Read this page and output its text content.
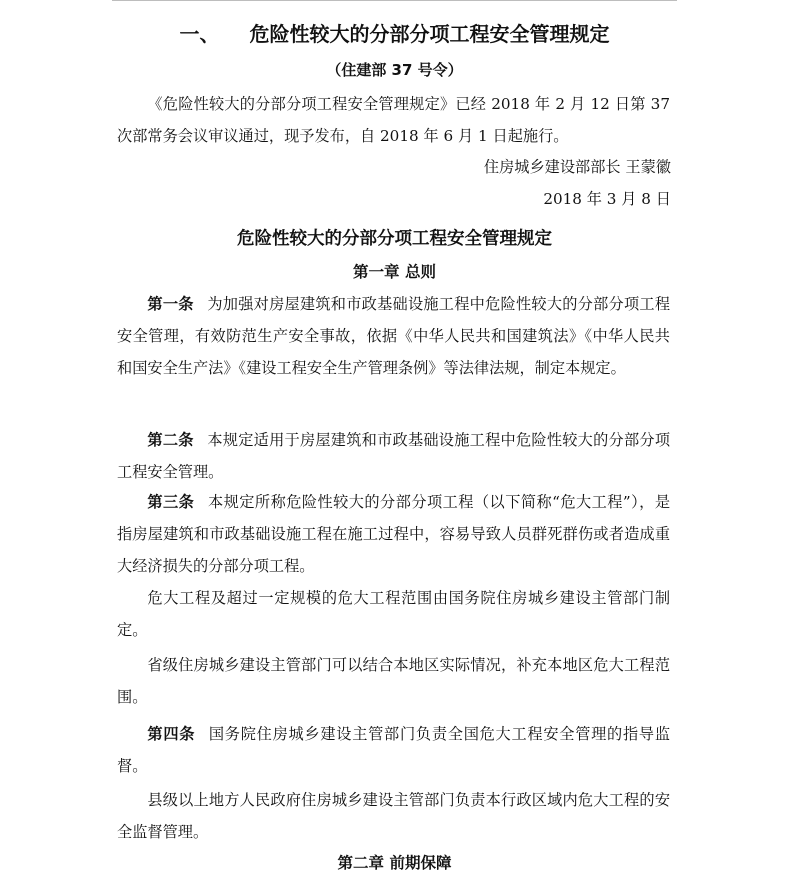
一、 危险性较大的分部分项工程安全管理规定
（住建部 37 号令）

《危险性较大的分部分项工程安全管理规定》已经 2018 年 2 月 12 日第 37 次部常务会议审议通过，现予发布，自 2018 年 6 月 1 日起施行。

住房城乡建设部部长 王蒙徽
2018 年 3 月 8 日
危险性较大的分部分项工程安全管理规定
第一章 总则

第一条 为加强对房屋建筑和市政基础设施工程中危险性较大的分部分项工程安全管理，有效防范生产安全事故，依据《中华人民共和国建筑法》《中华人民共和国安全生产法》《建设工程安全生产管理条例》等法律法规，制定本规定。

第二条 本规定适用于房屋建筑和市政基础设施工程中危险性较大的分部分项工程安全管理。

第三条 本规定所称危险性较大的分部分项工程（以下简称“危大工程”），是指房屋建筑和市政基础设施工程在施工过程中，容易导致人员群死群伤或者造成重大经济损失的分部分项工程。

危大工程及超过一定规模的危大工程范围由国务院住房城乡建设主管部门制定。

省级住房城乡建设主管部门可以结合本地区实际情况，补充本地区危大工程范围。

第四条 国务院住房城乡建设主管部门负责全国危大工程安全管理的指导监督。

县级以上地方人民政府住房城乡建设主管部门负责本行政区域内危大工程的安全监督管理。

第二章 前期保障
